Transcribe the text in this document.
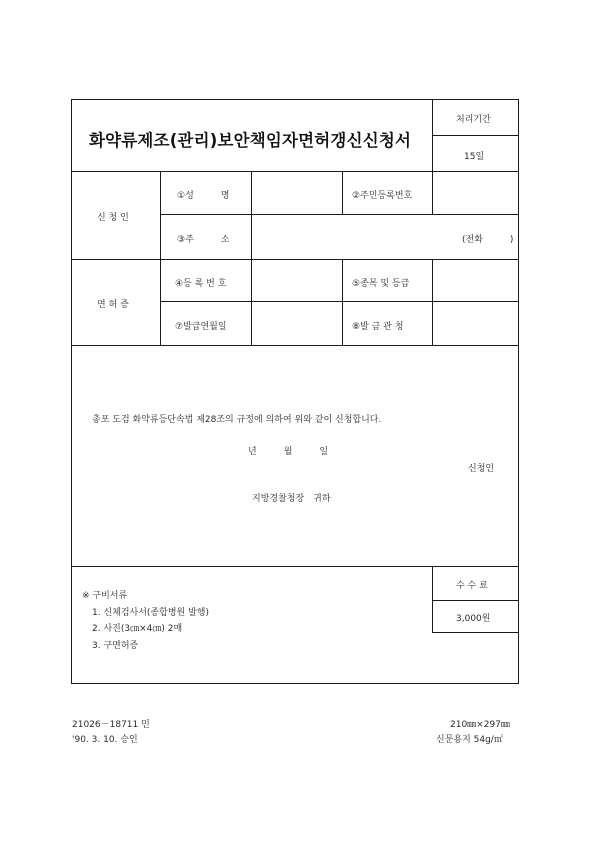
화약류제조(관리)보안책임자면허갱신신청서
처리기간
15일
신 청 인
①성　　　명	②주민등록번호
③주　　　소	(전화　　　)
면 허 증
④등 록 번 호	⑤종목 및 등급
⑦발급연월일	⑧발 금 관 청
총포 도검 화약류등단속법 제28조의 규정에 의하여 위와 같이 신청합니다.
년　　　월　　　일
신청인
지방경찰청장　귀하
※ 구비서류
1. 신체검사서(종합병원 발행)
2. 사진(3㎝×4㎝) 2매
3. 구면허증
수 수 료
3,000원
21026－18711 민
'90. 3. 10. 승인
210㎜×297㎜
신문용지 54g/㎡
